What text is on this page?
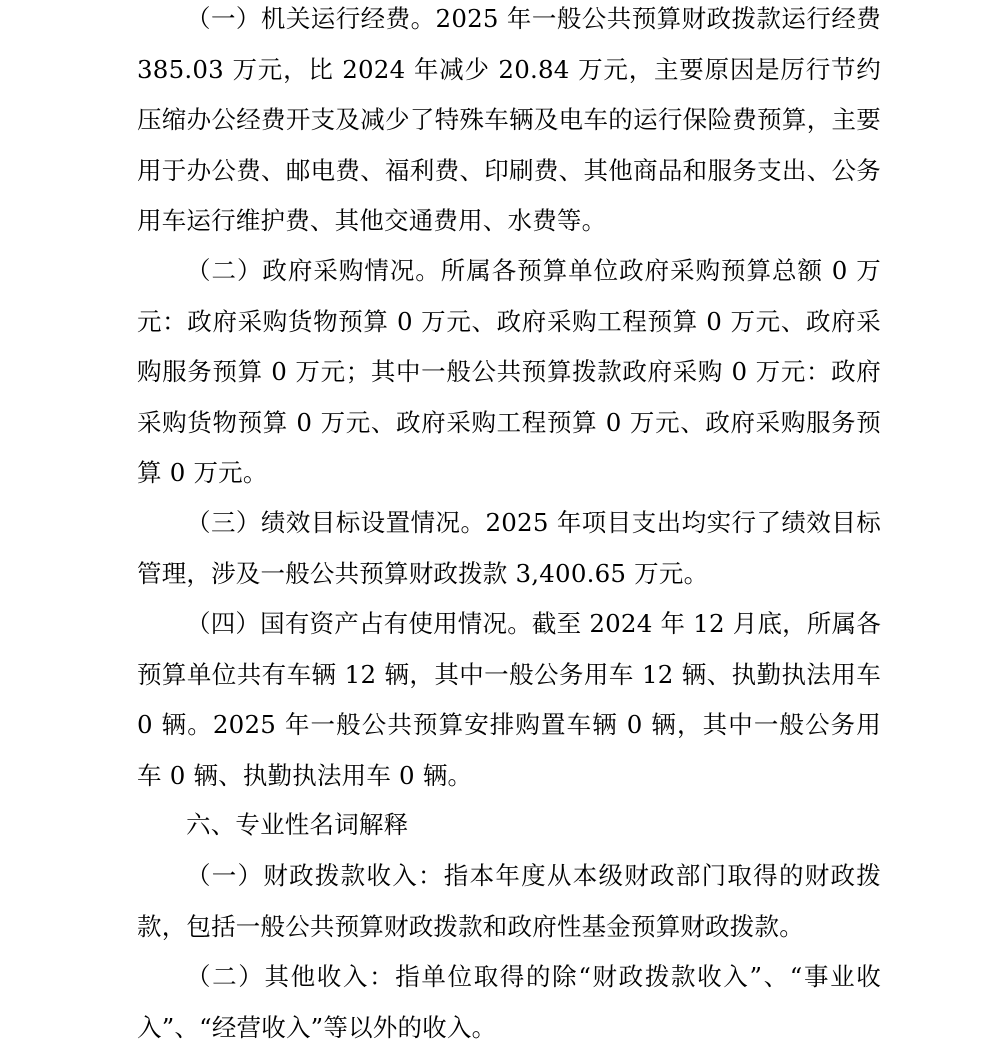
（一）机关运行经费。2025 年一般公共预算财政拨款运行经费 385.03 万元，比 2024 年减少 20.84 万元，主要原因是厉行节约压缩办公经费开支及减少了特殊车辆及电车的运行保险费预算，主要用于办公费、邮电费、福利费、印刷费、其他商品和服务支出、公务用车运行维护费、其他交通费用、水费等。

（二）政府采购情况。所属各预算单位政府采购预算总额 0 万元：政府采购货物预算 0 万元、政府采购工程预算 0 万元、政府采购服务预算 0 万元；其中一般公共预算拨款政府采购 0 万元：政府采购货物预算 0 万元、政府采购工程预算 0 万元、政府采购服务预算 0 万元。

（三）绩效目标设置情况。2025 年项目支出均实行了绩效目标管理，涉及一般公共预算财政拨款 3,400.65 万元。

（四）国有资产占有使用情况。截至 2024 年 12 月底，所属各预算单位共有车辆 12 辆，其中一般公务用车 12 辆、执勤执法用车 0 辆。2025 年一般公共预算安排购置车辆 0 辆，其中一般公务用车 0 辆、执勤执法用车 0 辆。

六、专业性名词解释

（一）财政拨款收入：指本年度从本级财政部门取得的财政拨款，包括一般公共预算财政拨款和政府性基金预算财政拨款。

（二）其他收入：指单位取得的除“财政拨款收入”、“事业收入”、“经营收入”等以外的收入。
